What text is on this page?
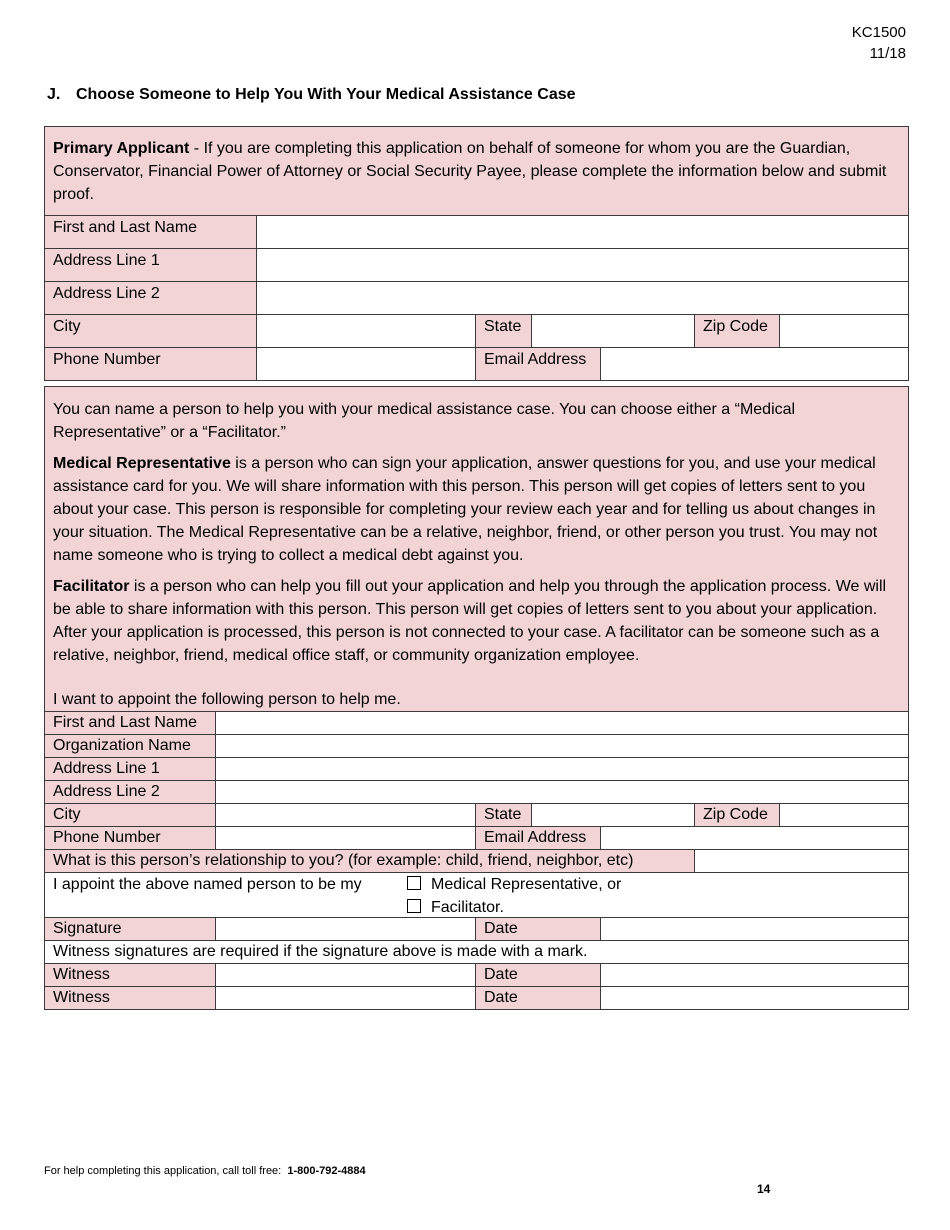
KC1500
11/18
J. Choose Someone to Help You With Your Medical Assistance Case
Primary Applicant - If you are completing this application on behalf of someone for whom you are the Guardian, Conservator, Financial Power of Attorney or Social Security Payee, please complete the information below and submit proof.						
First and Last Name						
Address Line 1						
Address Line 2						
City		State			Zip Code	
Phone Number		Email Address				

You can name a person to help you with your medical assistance case. You can choose either a “Medical Representative” or a “Facilitator.”

Medical Representative is a person who can sign your application, answer questions for you, and use your medical assistance card for you. We will share information with this person. This person will get copies of letters sent to you about your case. This person is responsible for completing your review each year and for telling us about changes in your situation. The Medical Representative can be a relative, neighbor, friend, or other person you trust. You may not name someone who is trying to collect a medical debt against you.

Facilitator is a person who can help you fill out your application and help you through the application process. We will be able to share information with this person. This person will get copies of letters sent to you about your application. After your application is processed, this person is not connected to your case. A facilitator can be someone such as a relative, neighbor, friend, medical office staff, or community organization employee.

I want to appoint the following person to help me.						

First and Last Name						
Organization Name						
Address Line 1						
Address Line 2						
City		State			Zip Code	
Phone Number		Email Address				
What is this person’s relationship to you? (for example: child, friend, neighbor, etc)						

I appoint the above named person to be my Medical Representative, or
Facilitator.						

Signature		Date				
Witness signatures are required if the signature above is made with a mark.						
Witness		Date				
Witness		Date				
For help completing this application, call toll free: 1-800-792-4884
14
